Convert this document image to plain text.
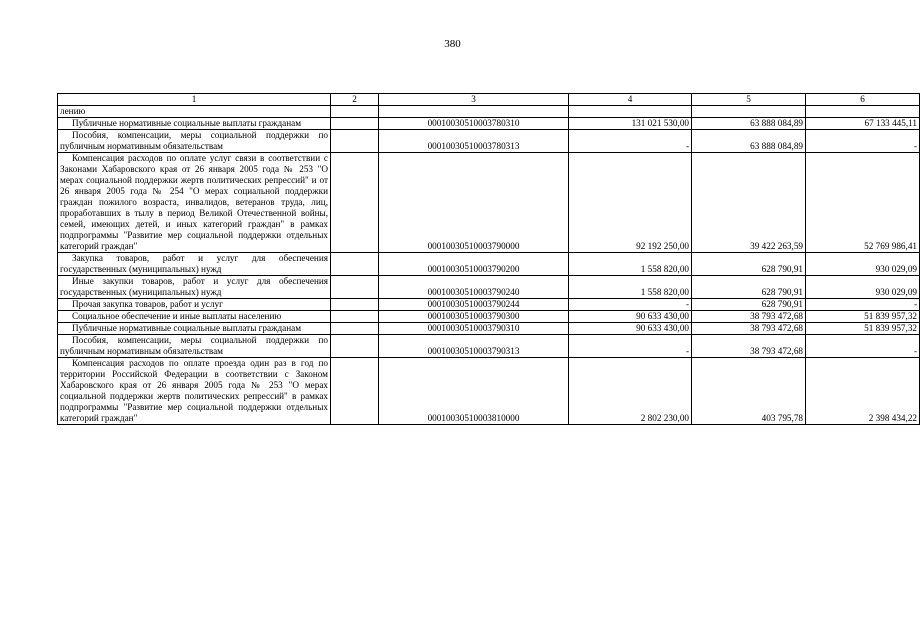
380
1	2	3	4	5	6
лению					
Публичные нормативные социальные выплаты гражданам		00010030510003780310	131 021 530,00	63 888 084,89	67 133 445,11
Пособия, компенсации, меры социальной поддержки по публичным нормативным обязательствам		00010030510003780313	-	63 888 084,89	-
Компенсация расходов по оплате услуг связи в соответствии с Законами Хабаровского края от 26 января 2005 года № 253 "О мерах социальной поддержки жертв политических репрессий" и от 26 января 2005 года № 254 "О мерах социальной поддержки граждан пожилого возраста, инвалидов, ветеранов труда, лиц, проработавших в тылу в период Великой Отечественной войны, семей, имеющих детей, и иных категорий граждан" в рамках подпрограммы "Развитие мер социальной поддержки отдельных категорий граждан"		00010030510003790000	92 192 250,00	39 422 263,59	52 769 986,41
Закупка товаров, работ и услуг для обеспечения государственных (муниципальных) нужд		00010030510003790200	1 558 820,00	628 790,91	930 029,09
Иные закупки товаров, работ и услуг для обеспечения государственных (муниципальных) нужд		00010030510003790240	1 558 820,00	628 790,91	930 029,09
Прочая закупка товаров, работ и услуг		00010030510003790244	-	628 790,91	-
Социальное обеспечение и иные выплаты населению		00010030510003790300	90 633 430,00	38 793 472,68	51 839 957,32
Публичные нормативные социальные выплаты гражданам		00010030510003790310	90 633 430,00	38 793 472,68	51 839 957,32
Пособия, компенсации, меры социальной поддержки по публичным нормативным обязательствам		00010030510003790313	-	38 793 472,68	-
Компенсация расходов по оплате проезда один раз в год по территории Российской Федерации в соответствии с Законом Хабаровского края от 26 января 2005 года № 253 "О мерах социальной поддержки жертв политических репрессий" в рамках подпрограммы "Развитие мер социальной поддержки отдельных категорий граждан"		00010030510003810000	2 802 230,00	403 795,78	2 398 434,22
